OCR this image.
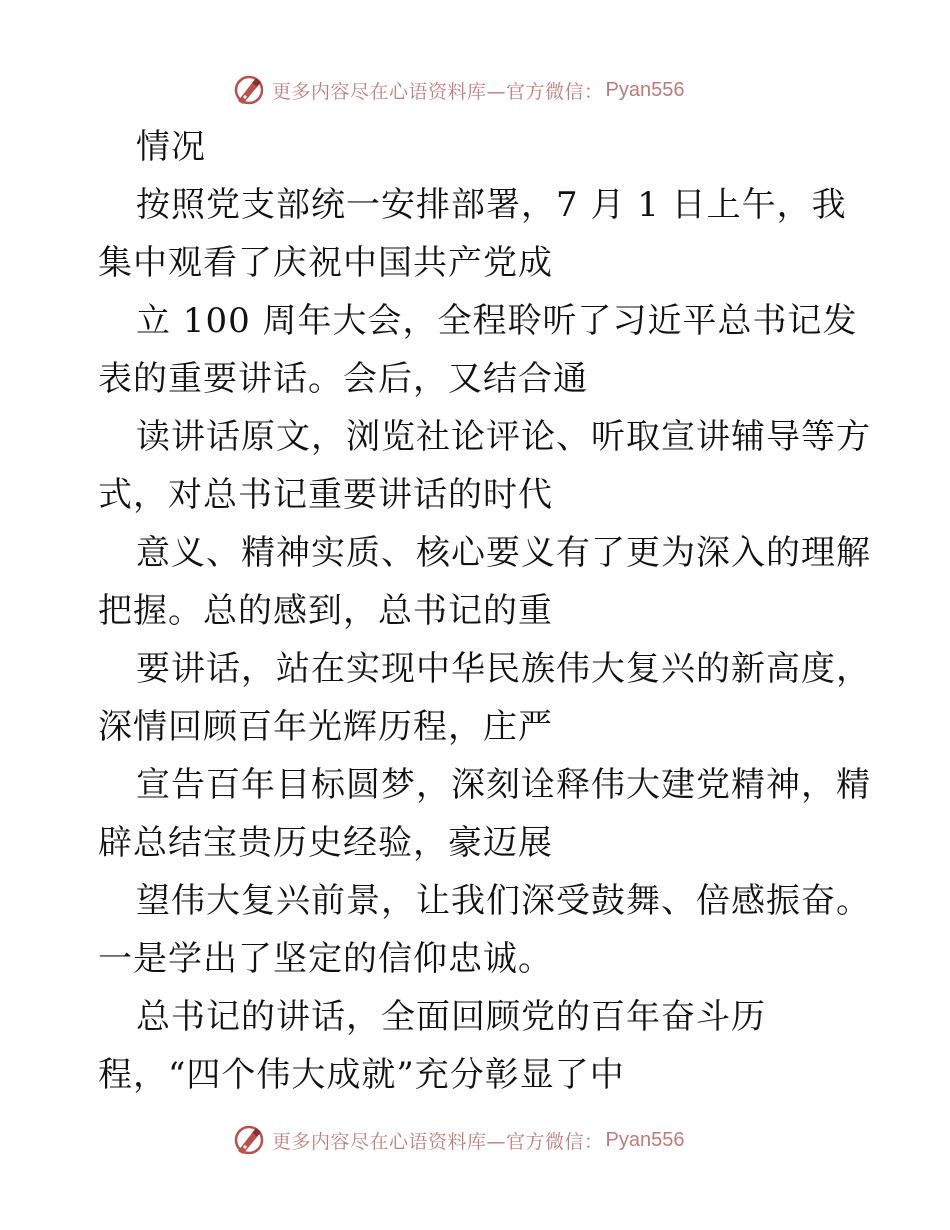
更多内容尽在心语资料库—官方微信： Pyan556
情况
按照党支部统一安排部署，7 月 1 日上午，我
集中观看了庆祝中国共产党成
立 100 周年大会，全程聆听了习近平总书记发
表的重要讲话。会后，又结合通
读讲话原文，浏览社论评论、听取宣讲辅导等方
式，对总书记重要讲话的时代
意义、精神实质、核心要义有了更为深入的理解
把握。总的感到，总书记的重
要讲话，站在实现中华民族伟大复兴的新高度，
深情回顾百年光辉历程，庄严
宣告百年目标圆梦，深刻诠释伟大建党精神，精
辟总结宝贵历史经验，豪迈展
望伟大复兴前景，让我们深受鼓舞、倍感振奋。
一是学出了坚定的信仰忠诚。
总书记的讲话，全面回顾党的百年奋斗历
程，“四个伟大成就”充分彰显了中
更多内容尽在心语资料库—官方微信： Pyan556
